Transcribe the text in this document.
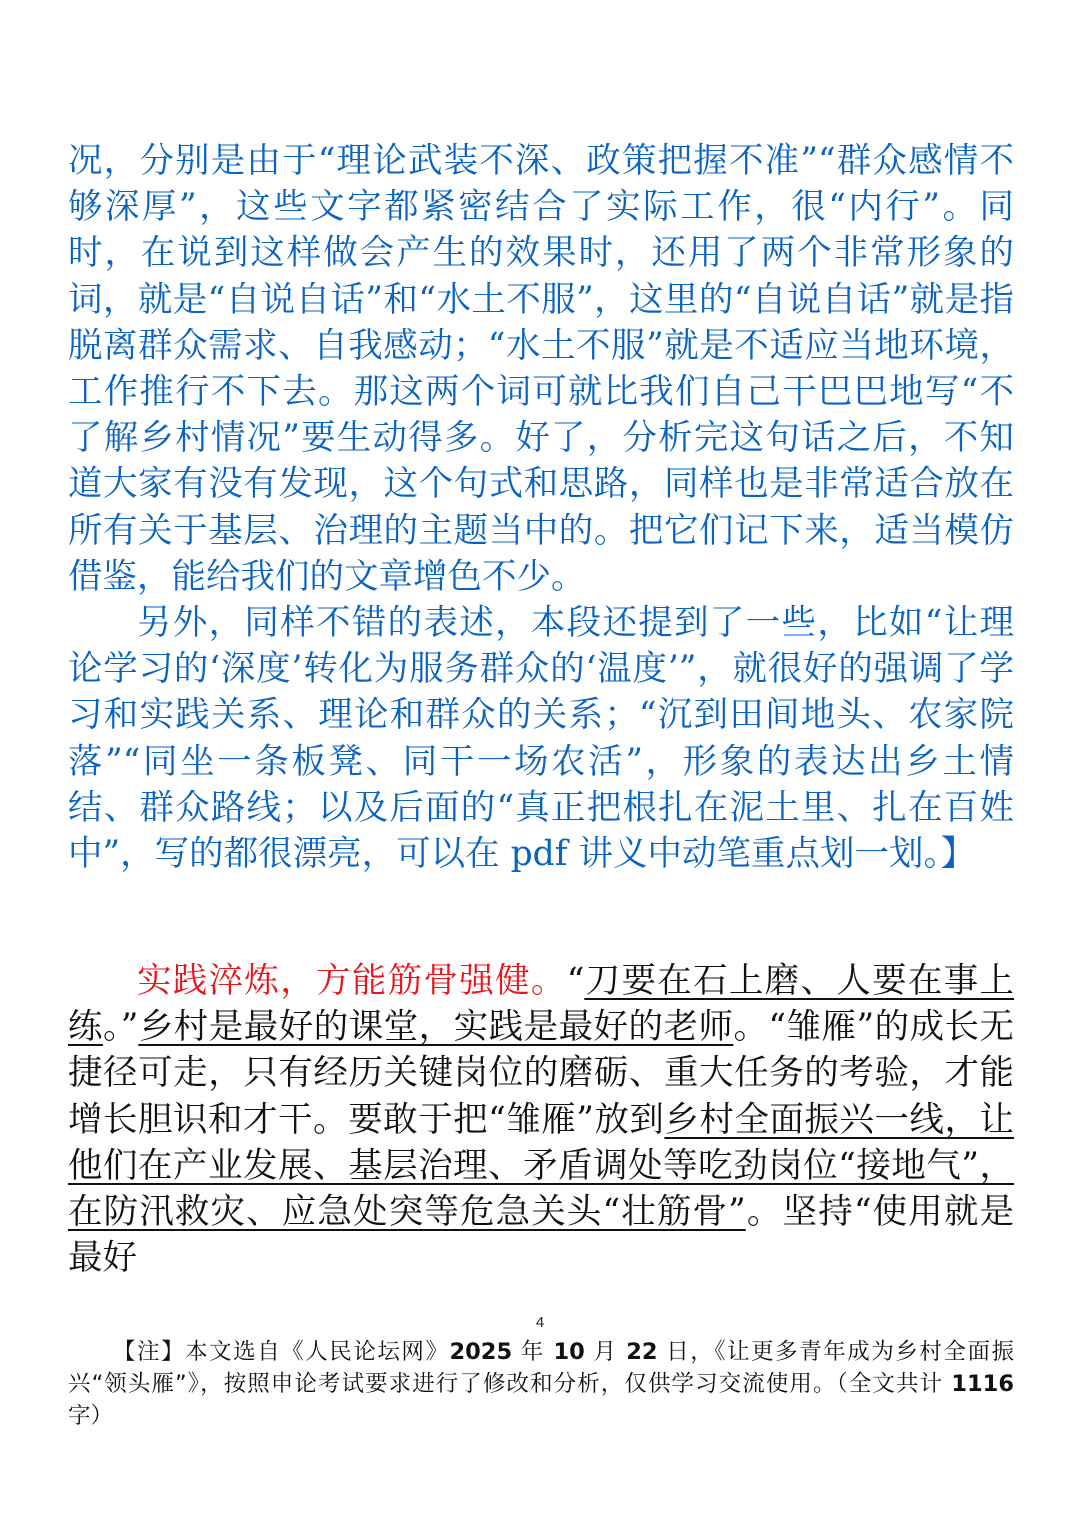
况，分别是由于“理论武装不深、政策把握不准”“群众感情不够深厚”，这些文字都紧密结合了实际工作，很“内行”。同时，在说到这样做会产生的效果时，还用了两个非常形象的词，就是“自说自话”和“水土不服”，这里的“自说自话”就是指脱离群众需求、自我感动；“水土不服”就是不适应当地环境，工作推行不下去。那这两个词可就比我们自己干巴巴地写“不了解乡村情况”要生动得多。好了，分析完这句话之后，不知道大家有没有发现，这个句式和思路，同样也是非常适合放在所有关于基层、治理的主题当中的。把它们记下来，适当模仿借鉴，能给我们的文章增色不少。

另外，同样不错的表述，本段还提到了一些，比如“让理论学习的‘深度’转化为服务群众的‘温度’”，就很好的强调了学习和实践关系、理论和群众的关系；“沉到田间地头、农家院落”“同坐一条板凳、同干一场农活”，形象的表达出乡土情结、群众路线；以及后面的“真正把根扎在泥土里、扎在百姓中”，写的都很漂亮，可以在 pdf 讲义中动笔重点划一划。】

实践淬炼，方能筋骨强健。“刀要在石上磨、人要在事上练。”乡村是最好的课堂，实践是最好的老师。“雏雁”的成长无捷径可走，只有经历关键岗位的磨砺、重大任务的考验，才能增长胆识和才干。要敢于把“雏雁”放到乡村全面振兴一线，让他们在产业发展、基层治理、矛盾调处等吃劲岗位“接地气”，在防汛救灾、应急处突等危急关头“壮筋骨”。坚持“使用就是最好

4
【注】本文选自《人民论坛网》2025 年 10 月 22 日，《让更多青年成为乡村全面振兴“领头雁”》，按照申论考试要求进行了修改和分析，仅供学习交流使用。（全文共计 1116 字）
